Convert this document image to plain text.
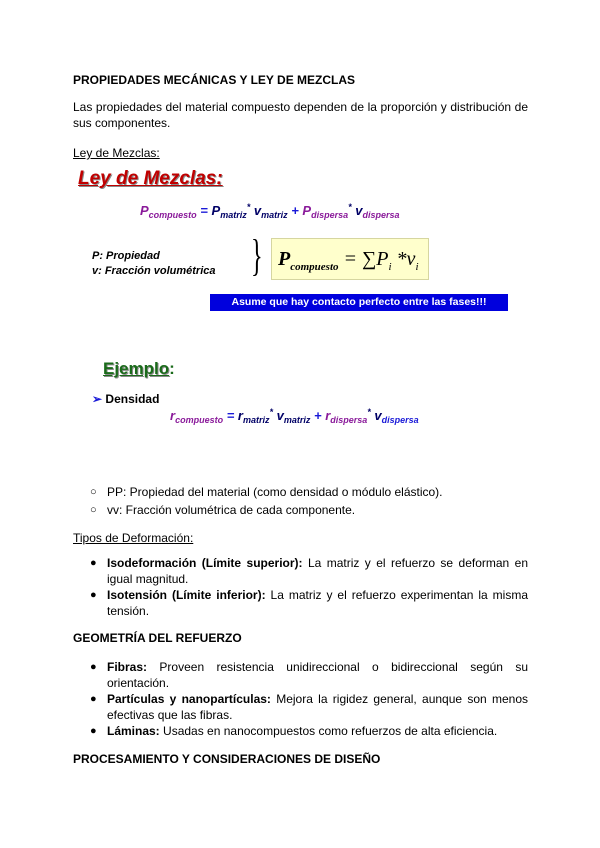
PROPIEDADES MECÁNICAS Y LEY DE MEZCLAS
Las propiedades del material compuesto dependen de la proporción y distribución de sus componentes.
Ley de Mezclas:
Ley de Mezclas:
$P_{compuesto} = P_{matriz}^*$ $v_{matriz} + P_{dispersa}^*$ $v_{dispersa}$
P: Propiedad
v: Fracción volumétrica } $P_{compuesto} = \sum P_i$ $*v_i$
Asume que hay contacto perfecto entre las fases!!!
Ejemplo:
➢ Densidad
$r_{compuesto} = r_{matriz}^*$ $v_{matriz} + r_{dispersa}^*$ $v_{dispersa}$
○ PP: Propiedad del material (como densidad o módulo elástico).
○ vv: Fracción volumétrica de cada componente.
Tipos de Deformación:
● Isodeformación (Límite superior): La matriz y el refuerzo se deforman en igual magnitud.
● Isotensión (Límite inferior): La matriz y el refuerzo experimentan la misma tensión.
GEOMETRÍA DEL REFUERZO
● Fibras: Proveen resistencia unidireccional o bidireccional según su orientación.
● Partículas y nanopartículas: Mejora la rigidez general, aunque son menos efectivas que las fibras.
● Láminas: Usadas en nanocompuestos como refuerzos de alta eficiencia.
PROCESAMIENTO Y CONSIDERACIONES DE DISEÑO
